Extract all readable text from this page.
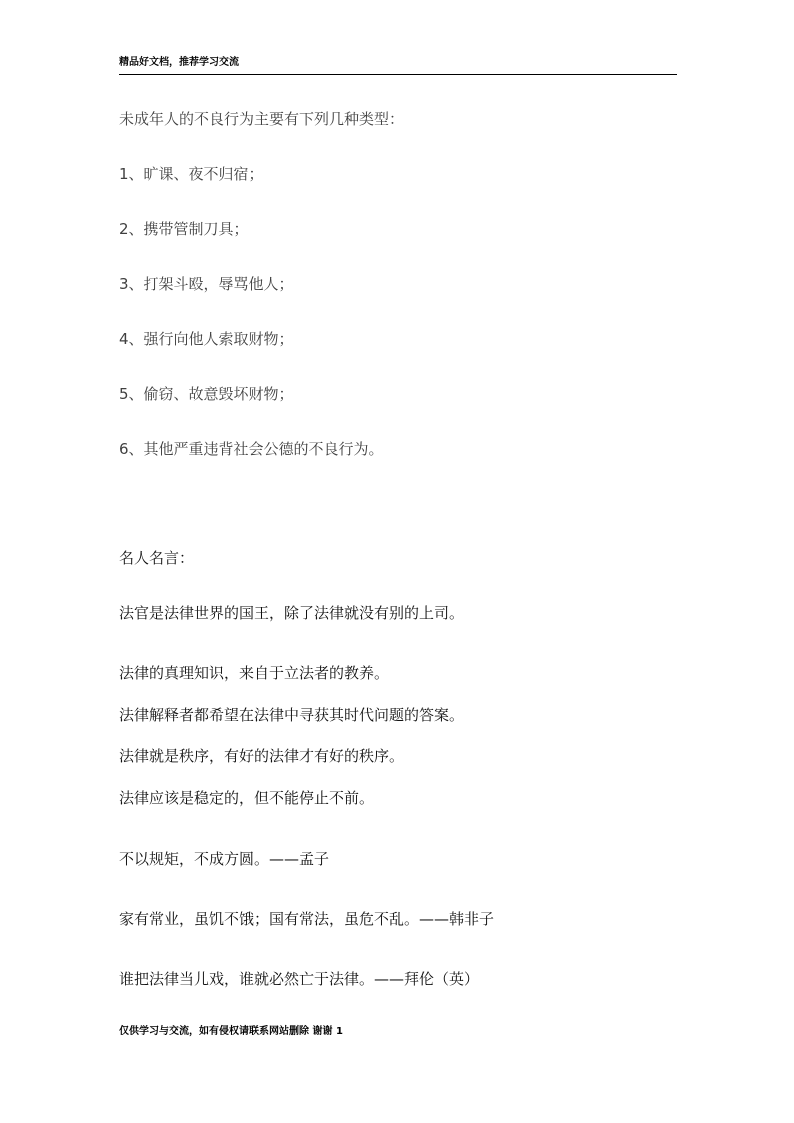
精品好文档，推荐学习交流
未成年人的不良行为主要有下列几种类型：
1、旷课、夜不归宿；
2、携带管制刀具；
3、打架斗殴，辱骂他人；
4、强行向他人索取财物；
5、偷窃、故意毁坏财物；
6、其他严重违背社会公德的不良行为。
名人名言：
法官是法律世界的国王，除了法律就没有别的上司。
法律的真理知识，来自于立法者的教养。
法律解释者都希望在法律中寻获其时代问题的答案。
法律就是秩序，有好的法律才有好的秩序。
法律应该是稳定的，但不能停止不前。
不以规矩，不成方圆。——孟子
家有常业，虽饥不饿；国有常法，虽危不乱。——韩非子
谁把法律当儿戏，谁就必然亡于法律。——拜伦（英）
仅供学习与交流，如有侵权请联系网站删除 谢谢 1
